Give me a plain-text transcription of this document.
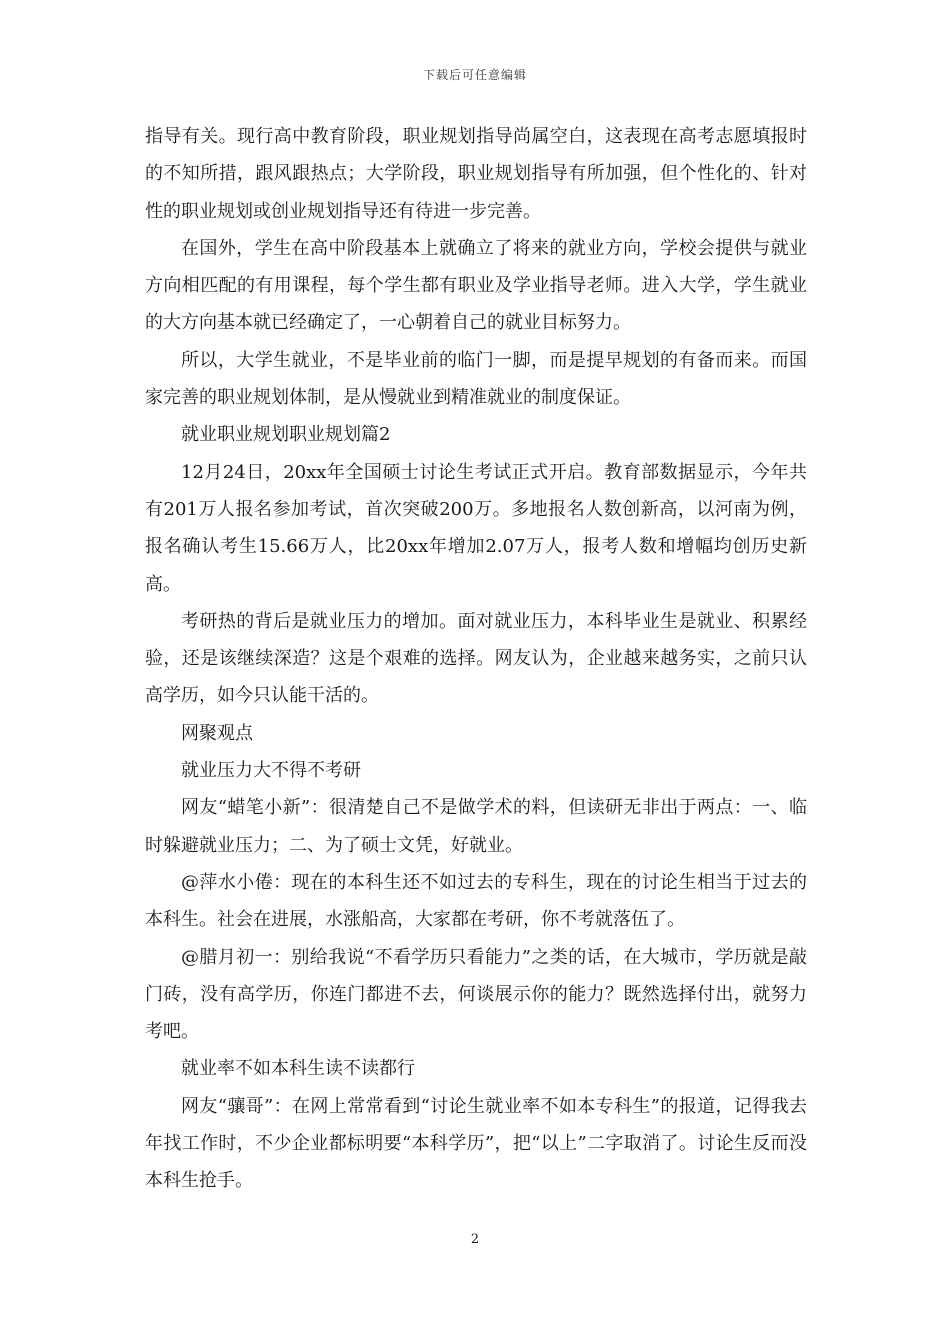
下载后可任意编辑

指导有关。现行高中教育阶段，职业规划指导尚属空白，这表现在高考志愿填报时的不知所措，跟风跟热点；大学阶段，职业规划指导有所加强，但个性化的、针对性的职业规划或创业规划指导还有待进一步完善。

在国外，学生在高中阶段基本上就确立了将来的就业方向，学校会提供与就业方向相匹配的有用课程，每个学生都有职业及学业指导老师。进入大学，学生就业的大方向基本就已经确定了，一心朝着自己的就业目标努力。

所以，大学生就业，不是毕业前的临门一脚，而是提早规划的有备而来。而国家完善的职业规划体制，是从慢就业到精准就业的制度保证。

就业职业规划职业规划篇2

12月24日，20xx年全国硕士讨论生考试正式开启。教育部数据显示，今年共有201万人报名参加考试，首次突破200万。多地报名人数创新高，以河南为例，报名确认考生15.66万人，比20xx年增加2.07万人，报考人数和增幅均创历史新高。

考研热的背后是就业压力的增加。面对就业压力，本科毕业生是就业、积累经验，还是该继续深造？这是个艰难的选择。网友认为，企业越来越务实，之前只认高学历，如今只认能干活的。

网聚观点

就业压力大不得不考研

网友“蜡笔小新”：很清楚自己不是做学术的料，但读研无非出于两点：一、临时躲避就业压力；二、为了硕士文凭，好就业。

@萍水小倦：现在的本科生还不如过去的专科生，现在的讨论生相当于过去的本科生。社会在进展，水涨船高，大家都在考研，你不考就落伍了。

@腊月初一：别给我说“不看学历只看能力”之类的话，在大城市，学历就是敲门砖，没有高学历，你连门都进不去，何谈展示你的能力？既然选择付出，就努力考吧。

就业率不如本科生读不读都行

网友“骧哥”：在网上常常看到“讨论生就业率不如本专科生”的报道，记得我去年找工作时，不少企业都标明要“本科学历”，把“以上”二字取消了。讨论生反而没本科生抢手。

2
